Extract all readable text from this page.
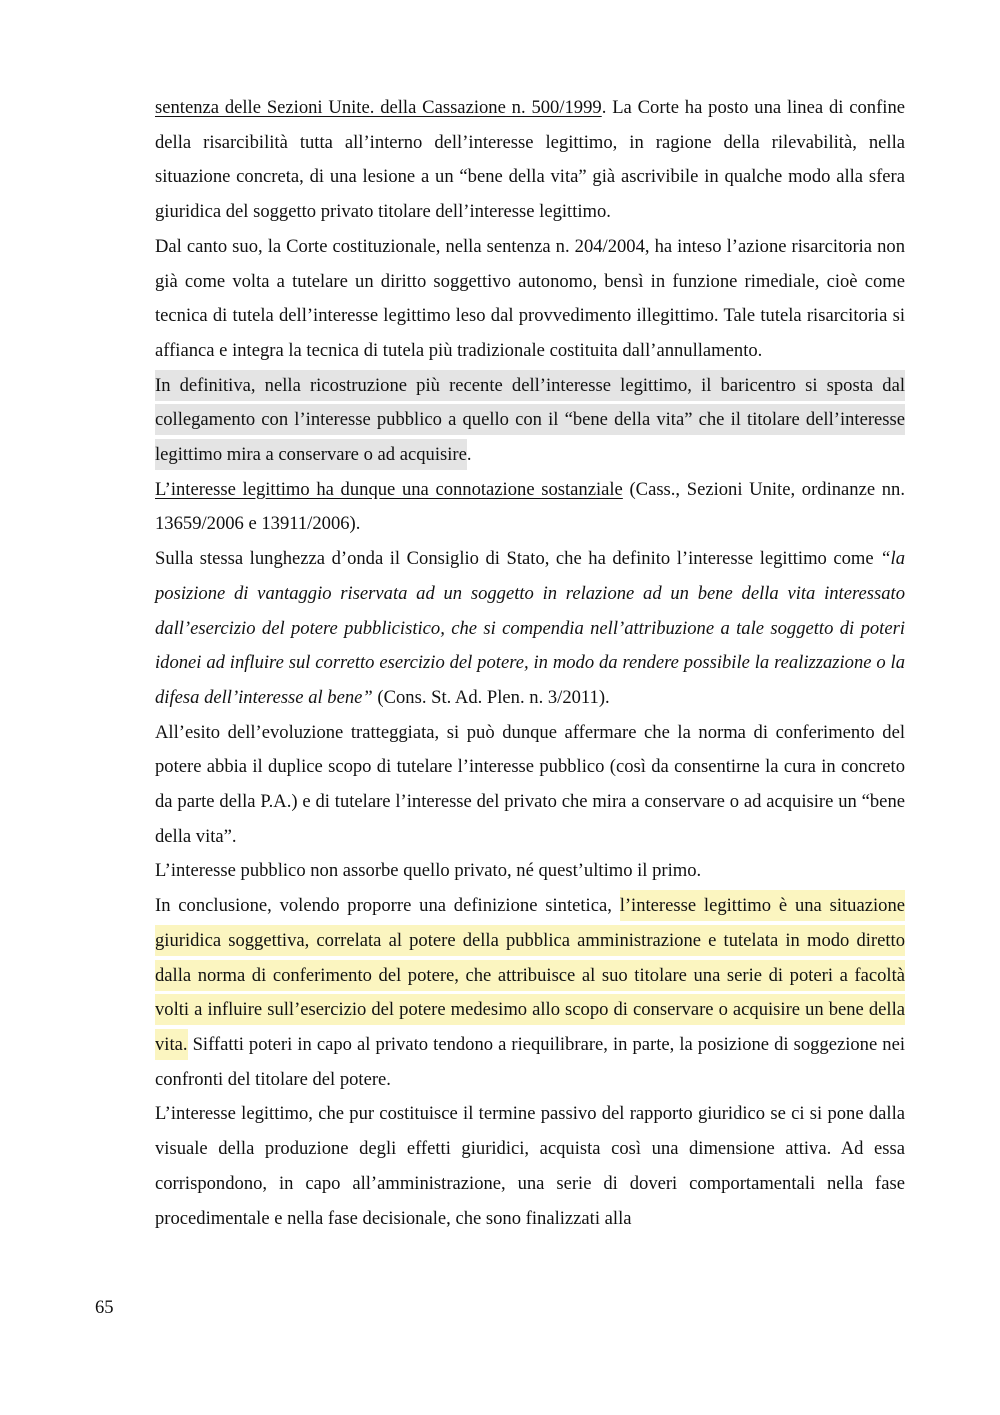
sentenza delle Sezioni Unite. della Cassazione n. 500/1999. La Corte ha posto una linea di confine della risarcibilità tutta all’interno dell’interesse legittimo, in ragione della rilevabilità, nella situazione concreta, di una lesione a un “bene della vita” già ascrivibile in qualche modo alla sfera giuridica del soggetto privato titolare dell’interesse legittimo.

Dal canto suo, la Corte costituzionale, nella sentenza n. 204/2004, ha inteso l’azione risarcitoria non già come volta a tutelare un diritto soggettivo autonomo, bensì in funzione rimediale, cioè come tecnica di tutela dell’interesse legittimo leso dal provvedimento illegittimo. Tale tutela risarcitoria si affianca e integra la tecnica di tutela più tradizionale costituita dall’annullamento.

In definitiva, nella ricostruzione più recente dell’interesse legittimo, il baricentro si sposta dal collegamento con l’interesse pubblico a quello con il “bene della vita” che il titolare dell’interesse legittimo mira a conservare o ad acquisire.

L’interesse legittimo ha dunque una connotazione sostanziale (Cass., Sezioni Unite, ordinanze nn. 13659/2006 e 13911/2006).

Sulla stessa lunghezza d’onda il Consiglio di Stato, che ha definito l’interesse legittimo come “la posizione di vantaggio riservata ad un soggetto in relazione ad un bene della vita interessato dall’esercizio del potere pubblicistico, che si compendia nell’attribuzione a tale soggetto di poteri idonei ad influire sul corretto esercizio del potere, in modo da rendere possibile la realizzazione o la difesa dell’interesse al bene” (Cons. St. Ad. Plen. n. 3/2011).

All’esito dell’evoluzione tratteggiata, si può dunque affermare che la norma di conferimento del potere abbia il duplice scopo di tutelare l’interesse pubblico (così da consentirne la cura in concreto da parte della P.A.) e di tutelare l’interesse del privato che mira a conservare o ad acquisire un “bene della vita”.

L’interesse pubblico non assorbe quello privato, né quest’ultimo il primo.

In conclusione, volendo proporre una definizione sintetica, l’interesse legittimo è una situazione giuridica soggettiva, correlata al potere della pubblica amministrazione e tutelata in modo diretto dalla norma di conferimento del potere, che attribuisce al suo titolare una serie di poteri a facoltà volti a influire sull’esercizio del potere medesimo allo scopo di conservare o acquisire un bene della vita. Siffatti poteri in capo al privato tendono a riequilibrare, in parte, la posizione di soggezione nei confronti del titolare del potere.

L’interesse legittimo, che pur costituisce il termine passivo del rapporto giuridico se ci si pone dalla visuale della produzione degli effetti giuridici, acquista così una dimensione attiva. Ad essa corrispondono, in capo all’amministrazione, una serie di doveri comportamentali nella fase procedimentale e nella fase decisionale, che sono finalizzati alla

65
